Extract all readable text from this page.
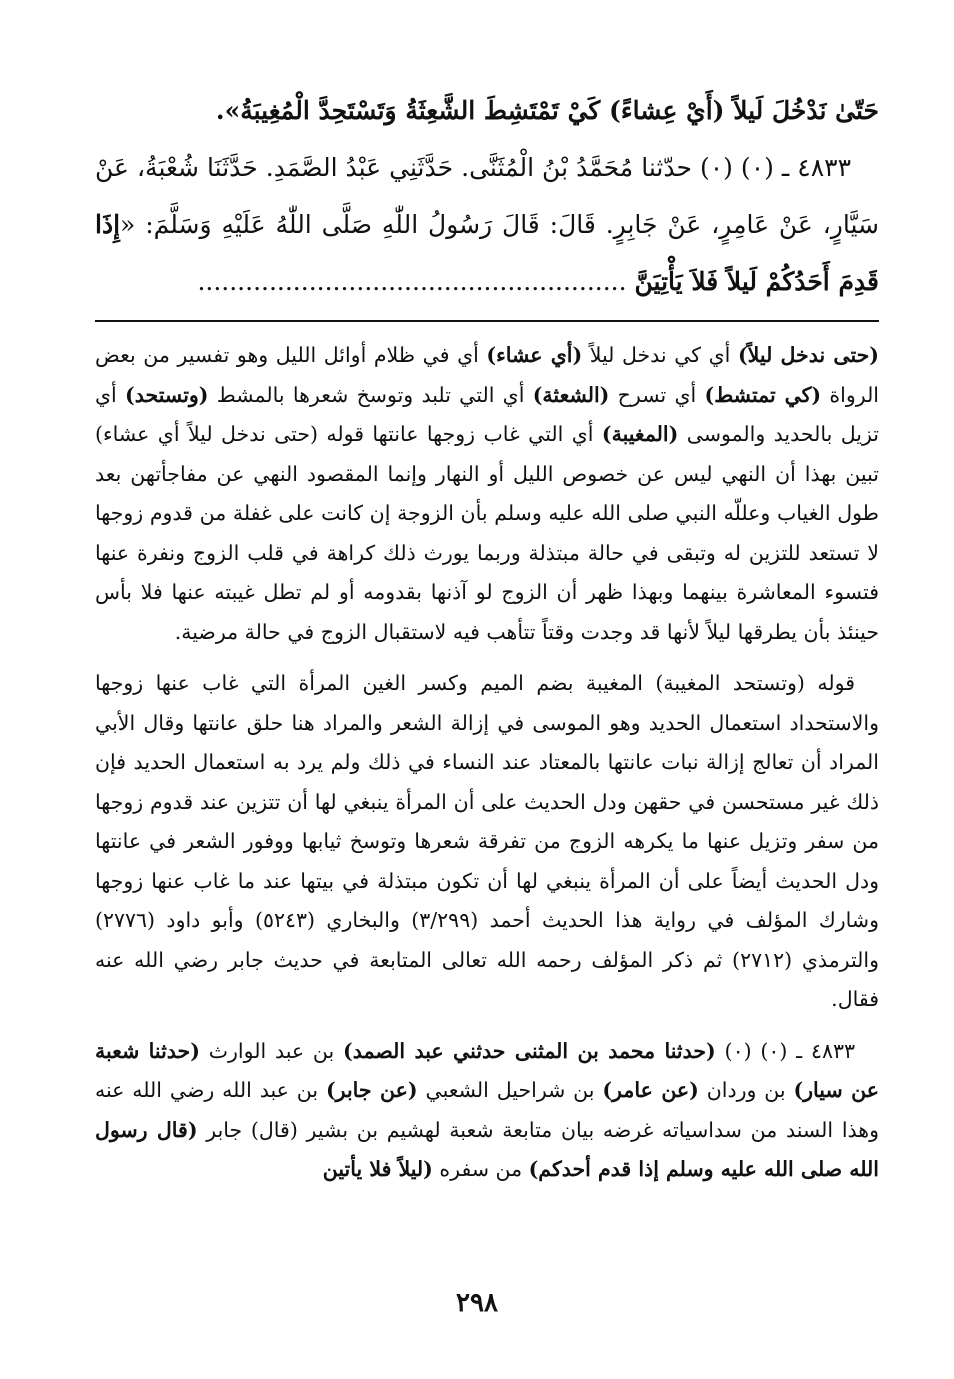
حَتّىٰ نَدْخُلَ لَيلاً (أَيْ عِشاءً) كَيْ تَمْتَشِطَ الشَّعِثَةُ وَتَسْتَحِدَّ الْمُغِيبَةُ».

٤٨٣٣ ـ (٠) (٠) حدّثنا مُحَمَّدُ بْنُ الْمُثَنَّى. حَدَّثَنِي عَبْدُ الصَّمَدِ. حَدَّثَنَا شُعْبَةُ، عَنْ سَيَّارٍ، عَنْ عَامِرٍ، عَنْ جَابِرٍ. قَالَ: قَالَ رَسُولُ اللّٰهِ صَلَّى اللّٰهُ عَلَيْهِ وَسَلَّمَ: «إِذَا قَدِمَ أَحَدُكُمْ لَيلاً فَلاَ يَأْتِيَنَّ ......................................................

(حتى ندخل ليلاً) أي كي ندخل ليلاً (أي عشاء) أي في ظلام أوائل الليل وهو تفسير من بعض الرواة (كي تمتشط) أي تسرح (الشعثة) أي التي تلبد وتوسخ شعرها بالمشط (وتستحد) أي تزيل بالحديد والموسى (المغيبة) أي التي غاب زوجها عانتها قوله (حتى ندخل ليلاً أي عشاء) تبين بهذا أن النهي ليس عن خصوص الليل أو النهار وإنما المقصود النهي عن مفاجأتهن بعد طول الغياب وعللّه النبي صلى الله عليه وسلم بأن الزوجة إن كانت على غفلة من قدوم زوجها لا تستعد للتزين له وتبقى في حالة مبتذلة وربما يورث ذلك كراهة في قلب الزوج ونفرة عنها فتسوء المعاشرة بينهما وبهذا ظهر أن الزوج لو آذنها بقدومه أو لم تطل غيبته عنها فلا بأس حينئذ بأن يطرقها ليلاً لأنها قد وجدت وقتاً تتأهب فيه لاستقبال الزوج في حالة مرضية.

قوله (وتستحد المغيبة) المغيبة بضم الميم وكسر الغين المرأة التي غاب عنها زوجها والاستحداد استعمال الحديد وهو الموسى في إزالة الشعر والمراد هنا حلق عانتها وقال الأبي المراد أن تعالج إزالة نبات عانتها بالمعتاد عند النساء في ذلك ولم يرد به استعمال الحديد فإن ذلك غير مستحسن في حقهن ودل الحديث على أن المرأة ينبغي لها أن تتزين عند قدوم زوجها من سفر وتزيل عنها ما يكرهه الزوج من تفرقة شعرها وتوسخ ثيابها ووفور الشعر في عانتها ودل الحديث أيضاً على أن المرأة ينبغي لها أن تكون مبتذلة في بيتها عند ما غاب عنها زوجها وشارك المؤلف في رواية هذا الحديث أحمد (٣/٢٩٩) والبخاري (٥٢٤٣) وأبو داود (٢٧٧٦) والترمذي (٢٧١٢) ثم ذكر المؤلف رحمه الله تعالى المتابعة في حديث جابر رضي الله عنه فقال.

٤٨٣٣ ـ (٠) (٠) (حدثنا محمد بن المثنى حدثني عبد الصمد) بن عبد الوارث (حدثنا شعبة عن سيار) بن وردان (عن عامر) بن شراحيل الشعبي (عن جابر) بن عبد الله رضي الله عنه وهذا السند من سداسياته غرضه بيان متابعة شعبة لهشيم بن بشير (قال) جابر (قال رسول الله صلى الله عليه وسلم إذا قدم أحدكم) من سفره (ليلاً فلا يأتين

٢٩٨
